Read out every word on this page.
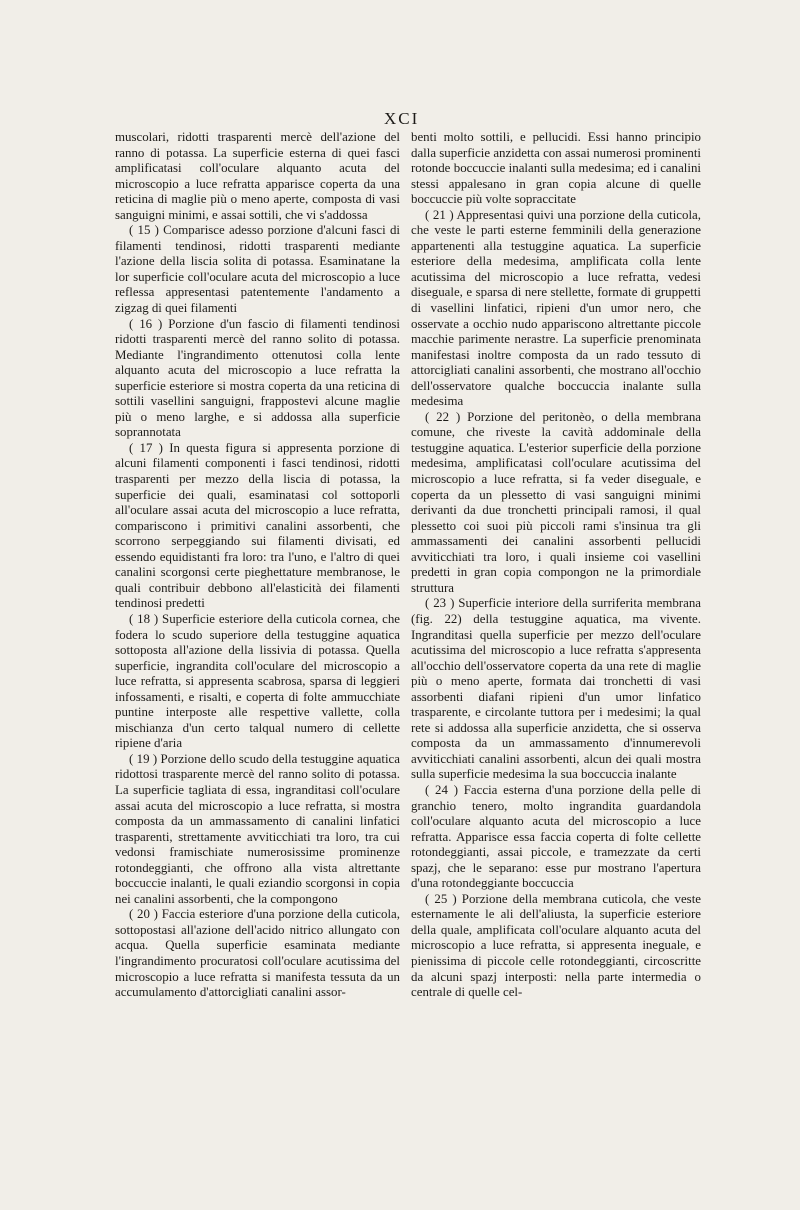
XCI

muscolari, ridotti trasparenti mercè dell'azione del ranno di potassa. La superficie esterna di quei fasci amplificatasi coll'oculare alquanto acuta del microscopio a luce refratta apparisce coperta da una reticina di maglie più o meno aperte, composta di vasi sanguigni minimi, e assai sottili, che vi s'addossa

( 15 ) Comparisce adesso porzione d'alcuni fasci di filamenti tendinosi, ridotti trasparenti mediante l'azione della liscia solita di potassa. Esaminatane la lor superficie coll'oculare acuta del microscopio a luce reflessa appresentasi patentemente l'andamento a zigzag di quei filamenti

( 16 ) Porzione d'un fascio di filamenti tendinosi ridotti trasparenti mercè del ranno solito di potassa. Mediante l'ingrandimento ottenutosi colla lente alquanto acuta del microscopio a luce refratta la superficie esteriore si mostra coperta da una reticina di sottili vasellini sanguigni, frappostevi alcune maglie più o meno larghe, e si addossa alla superficie soprannotata

( 17 ) In questa figura si appresenta porzione di alcuni filamenti componenti i fasci tendinosi, ridotti trasparenti per mezzo della liscia di potassa, la superficie dei quali, esaminatasi col sottoporli all'oculare assai acuta del microscopio a luce refratta, compariscono i primitivi canalini assorbenti, che scorrono serpeggiando sui filamenti divisati, ed essendo equidistanti fra loro: tra l'uno, e l'altro di quei canalini scorgonsi certe pieghettature membranose, le quali contribuir debbono all'elasticità dei filamenti tendinosi predetti

( 18 ) Superficie esteriore della cuticola cornea, che fodera lo scudo superiore della testuggine aquatica sottoposta all'azione della lissivia di potassa. Quella superficie, ingrandita coll'oculare del microscopio a luce refratta, si appresenta scabrosa, sparsa di leggieri infossamenti, e risalti, e coperta di folte ammucchiate puntine interposte alle respettive vallette, colla mischianza d'un certo talqual numero di cellette ripiene d'aria

( 19 ) Porzione dello scudo della testuggine aquatica ridottosi trasparente mercè del ranno solito di potassa. La superficie tagliata di essa, ingranditasi coll'oculare assai acuta del microscopio a luce refratta, si mostra composta da un ammassamento di canalini linfatici trasparenti, strettamente avviticchiati tra loro, tra cui vedonsi framischiate numerosissime prominenze rotondeggianti, che offrono alla vista altrettante boccuccie inalanti, le quali eziandio scorgonsi in copia nei canalini assorbenti, che la compongono

( 20 ) Faccia esteriore d'una porzione della cuticola, sottopostasi all'azione dell'acido nitrico allungato con acqua. Quella superficie esaminata mediante l'ingrandimento procuratosi coll'oculare acutissima del microscopio a luce refratta si manifesta tessuta da un accumulamento d'attorcigliati canalini assor-

benti molto sottili, e pellucidi. Essi hanno principio dalla superficie anzidetta con assai numerosi prominenti rotonde boccuccie inalanti sulla medesima; ed i canalini stessi appalesano in gran copia alcune di quelle boccuccie più volte sopraccitate

( 21 ) Appresentasi quivi una porzione della cuticola, che veste le parti esterne femminili della generazione appartenenti alla testuggine aquatica. La superficie esteriore della medesima, amplificata colla lente acutissima del microscopio a luce refratta, vedesi diseguale, e sparsa di nere stellette, formate di gruppetti di vasellini linfatici, ripieni d'un umor nero, che osservate a occhio nudo appariscono altrettante piccole macchie parimente nerastre. La superficie prenominata manifestasi inoltre composta da un rado tessuto di attorcigliati canalini assorbenti, che mostrano all'occhio dell'osservatore qualche boccuccia inalante sulla medesima

( 22 ) Porzione del peritonèo, o della membrana comune, che riveste la cavità addominale della testuggine aquatica. L'esterior superficie della porzione medesima, amplificatasi coll'oculare acutissima del microscopio a luce refratta, si fa veder diseguale, e coperta da un plessetto di vasi sanguigni minimi derivanti da due tronchetti principali ramosi, il qual plessetto coi suoi più piccoli rami s'insinua tra gli ammassamenti dei canalini assorbenti pellucidi avviticchiati tra loro, i quali insieme coi vasellini predetti in gran copia compongon ne la primordiale struttura

( 23 ) Superficie interiore della surriferita membrana (fig. 22) della testuggine aquatica, ma vivente. Ingranditasi quella superficie per mezzo dell'oculare acutissima del microscopio a luce refratta s'appresenta all'occhio dell'osservatore coperta da una rete di maglie più o meno aperte, formata dai tronchetti di vasi assorbenti diafani ripieni d'un umor linfatico trasparente, e circolante tuttora per i medesimi; la qual rete si addossa alla superficie anzidetta, che si osserva composta da un ammassamento d'innumerevoli avviticchiati canalini assorbenti, alcun dei quali mostra sulla superficie medesima la sua boccuccia inalante

( 24 ) Faccia esterna d'una porzione della pelle di granchio tenero, molto ingrandita guardandola coll'oculare alquanto acuta del microscopio a luce refratta. Apparisce essa faccia coperta di folte cellette rotondeggianti, assai piccole, e tramezzate da certi spazj, che le separano: esse pur mostrano l'apertura d'una rotondeggiante boccuccia

( 25 ) Porzione della membrana cuticola, che veste esternamente le ali dell'aliusta, la superficie esteriore della quale, amplificata coll'oculare alquanto acuta del microscopio a luce refratta, si appresenta ineguale, e pienissima di piccole celle rotondeggianti, circoscritte da alcuni spazj interposti: nella parte intermedia o centrale di quelle cel-
